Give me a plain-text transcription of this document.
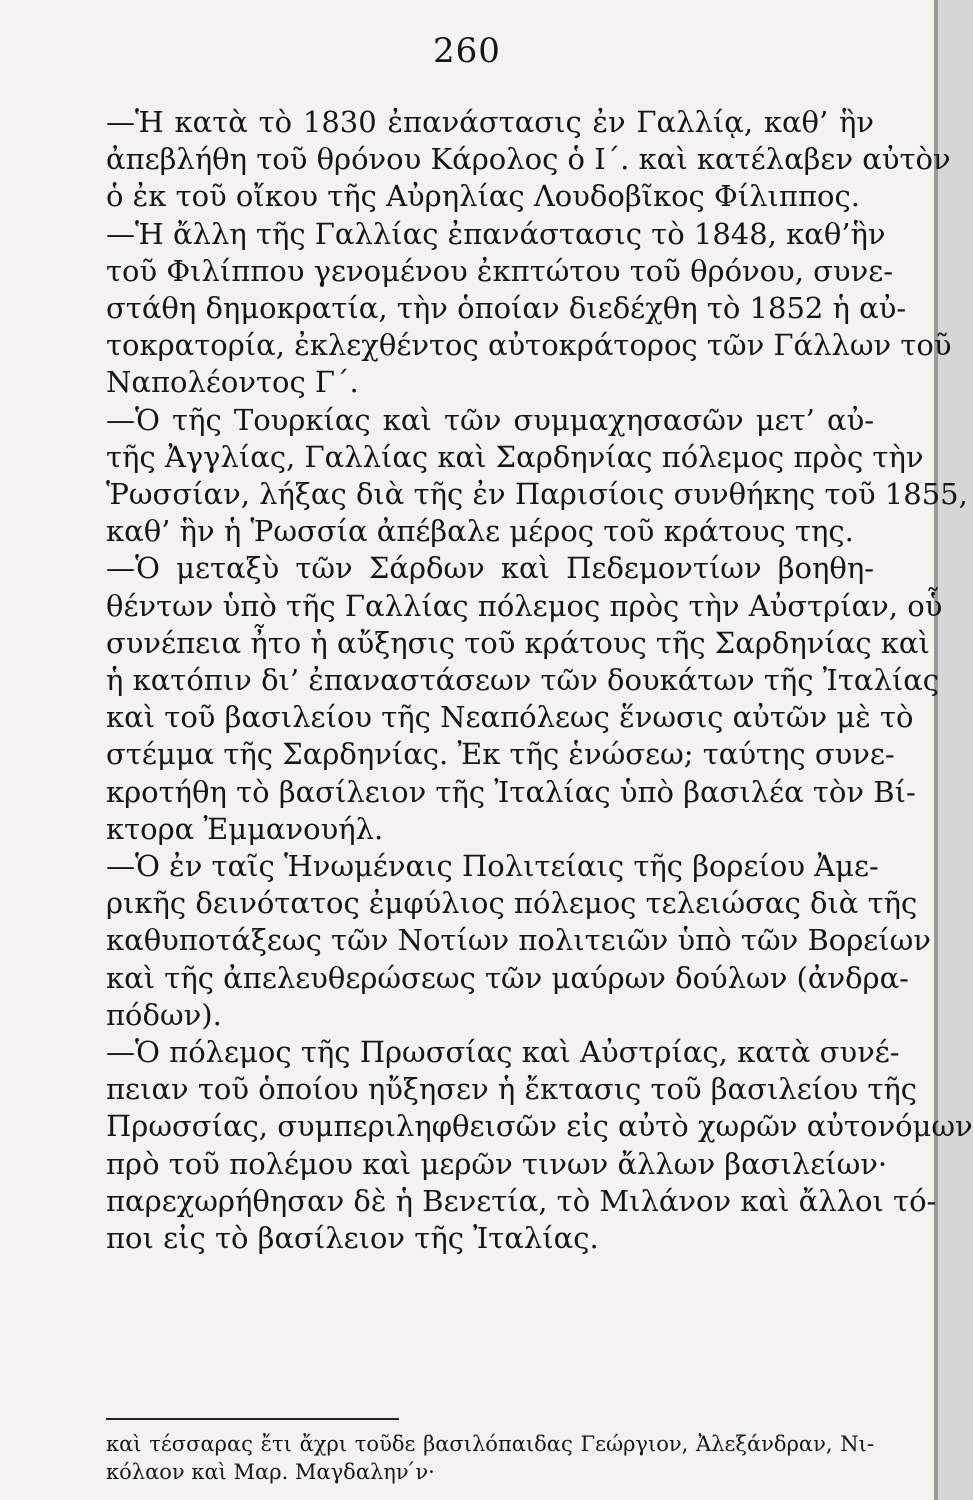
260
—Ἡ κατὰ τὸ 1830 ἐπανάστασις ἐν Γαλλίᾳ, καθ’ ἣν
ἀπεβλήθη τοῦ θρόνου Κάρολος ὁ Ι΄. καὶ κατέλαβεν αὐτὸν
ὁ ἐκ τοῦ οἴκου τῆς Αὐρηλίας Λουδοβῖκος Φίλιππος.
—Ἡ ἄλλη τῆς Γαλλίας ἐπανάστασις τὸ 1848, καθ’ἣν
τοῦ Φιλίππου γενομένου ἐκπτώτου τοῦ θρόνου, συνε-
στάθη δημοκρατία, τὴν ὁποίαν διεδέχθη τὸ 1852 ἡ αὐ-
τοκρατορία, ἐκλεχθέντος αὐτοκράτορος τῶν Γάλλων τοῦ
Ναπολέοντος Γ΄.
—Ὁ τῆς Τουρκίας καὶ τῶν συμμαχησασῶν μετ’ αὐ-
τῆς Ἀγγλίας, Γαλλίας καὶ Σαρδηνίας πόλεμος πρὸς τὴν
Ῥωσσίαν, λήξας διὰ τῆς ἐν Παρισίοις συνθήκης τοῦ 1855,
καθ’ ἣν ἡ Ῥωσσία ἀπέβαλε μέρος τοῦ κράτους της.
—Ὁ μεταξὺ τῶν Σάρδων καὶ Πεδεμοντίων βοηθη-
θέντων ὑπὸ τῆς Γαλλίας πόλεμος πρὸς τὴν Αὐστρίαν, οὗ
συνέπεια ἦτο ἡ αὔξησις τοῦ κράτους τῆς Σαρδηνίας καὶ
ἡ κατόπιν δι’ ἐπαναστάσεων τῶν δουκάτων τῆς Ἰταλίας
καὶ τοῦ βασιλείου τῆς Νεαπόλεως ἕνωσις αὐτῶν μὲ τὸ
στέμμα τῆς Σαρδηνίας. Ἐκ τῆς ἑνώσεω; ταύτης συνε-
κροτήθη τὸ βασίλειον τῆς Ἰταλίας ὑπὸ βασιλέα τὸν Βί-
κτορα Ἐμμανουήλ.
—Ὁ ἐν ταῖς Ἡνωμέναις Πολιτείαις τῆς βορείου Ἀμε-
ρικῆς δεινότατος ἐμφύλιος πόλεμος τελειώσας διὰ τῆς
καθυποτάξεως τῶν Νοτίων πολιτειῶν ὑπὸ τῶν Βορείων
καὶ τῆς ἀπελευθερώσεως τῶν μαύρων δούλων (ἀνδρα-
πόδων).
—Ὁ πόλεμος τῆς Πρωσσίας καὶ Αὐστρίας, κατὰ συνέ-
πειαν τοῦ ὁποίου ηὔξησεν ἡ ἔκτασις τοῦ βασιλείου τῆς
Πρωσσίας, συμπεριληφθεισῶν εἰς αὐτὸ χωρῶν αὐτονόμων
πρὸ τοῦ πολέμου καὶ μερῶν τινων ἄλλων βασιλείων·
παρεχωρήθησαν δὲ ἡ Βενετία, τὸ Μιλάνον καὶ ἄλλοι τό-
ποι εἰς τὸ βασίλειον τῆς Ἰταλίας.
καὶ τέσσαρας ἔτι ἄχρι τοῦδε βασιλόπαιδας Γεώργιον, Ἀλεξάνδραν, Νι-
κόλαον καὶ Μαρ. Μαγδαλην ́ν·
